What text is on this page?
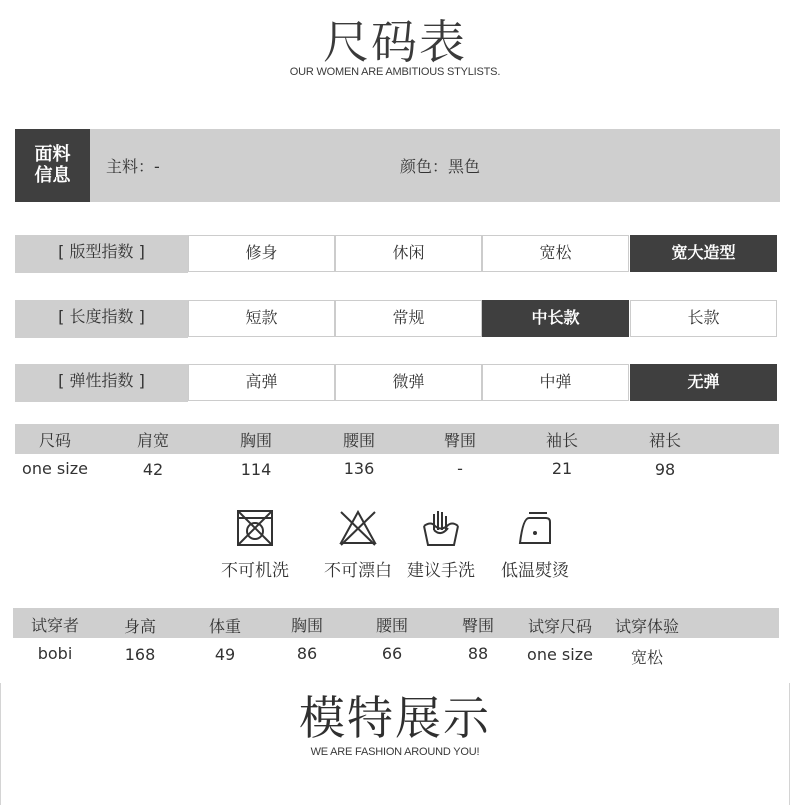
尺码表
OUR WOMEN ARE AMBITIOUS STYLISTS.
面料
信息	主料：-	颜色：黑色
[ 版型指数 ]	修身	休闲	宽松	宽大造型
[ 长度指数 ]	短款	常规	中长款	长款
[ 弹性指数 ]	高弹	微弹	中弹	无弹
尺码	肩宽	胸围	腰围	臀围	袖长	裙长
one size	42	114	136	-	21	98
不可机洗	不可漂白 建议手洗	低温熨烫
试穿者	身高	体重	胸围	腰围	臀围	试穿尺码	试穿体验
bobi	168	49	86	66	88	one size	宽松
模特展示
WE ARE FASHION AROUND YOU!
